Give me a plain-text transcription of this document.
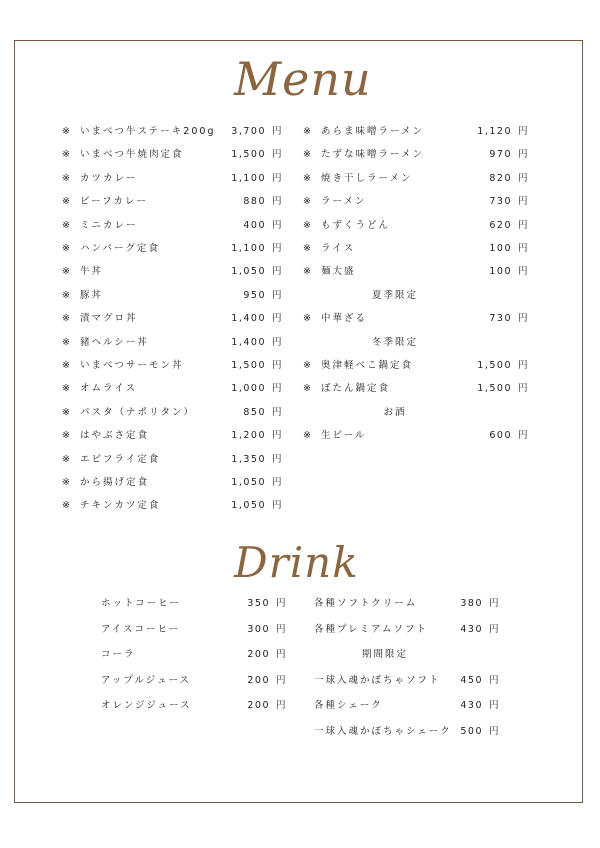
Menu
Drink
※	いまべつ牛ステーキ200g	3,700 円
※	いまべつ牛焼肉定食	1,500 円
※	カツカレー	1,100 円
※	ビーフカレー	880 円
※	ミニカレー	400 円
※	ハンバーグ定食	1,100 円
※	牛丼	1,050 円
※	豚丼	950 円
※	漬マグロ丼	1,400 円
※	豬ヘルシー丼	1,400 円
※	いまべつサーモン丼	1,500 円
※	オムライス	1,000 円
※	パスタ（ナポリタン）	850 円
※	はやぶさ定食	1,200 円
※	エビフライ定食	1,350 円
※	から揚げ定食	1,050 円
※	チキンカツ定食	1,050 円
※	あらま味噌ラーメン	1,120 円
※	たずな味噌ラーメン	970 円
※	焼き干しラーメン	820 円
※	ラーメン	730 円
※	もずくうどん	620 円
※	ライス	100 円
※	麺大盛	100 円
夏季限定
※	中華ざる	730 円
冬季限定
※	奥津軽べこ鍋定食	1,500 円
※	ぼたん鍋定食	1,500 円
お酒
※	生ビール	600 円
ホットコーヒー	350 円
アイスコーヒー	300 円
コーラ	200 円
アップルジュース	200 円
オレンジジュース	200 円
各種ソフトクリーム	380 円
各種プレミアムソフト	430 円
期間限定
一球入魂かぼちゃソフト	450 円
各種シェーク	430 円
一球入魂かぼちゃシェーク 500 円
